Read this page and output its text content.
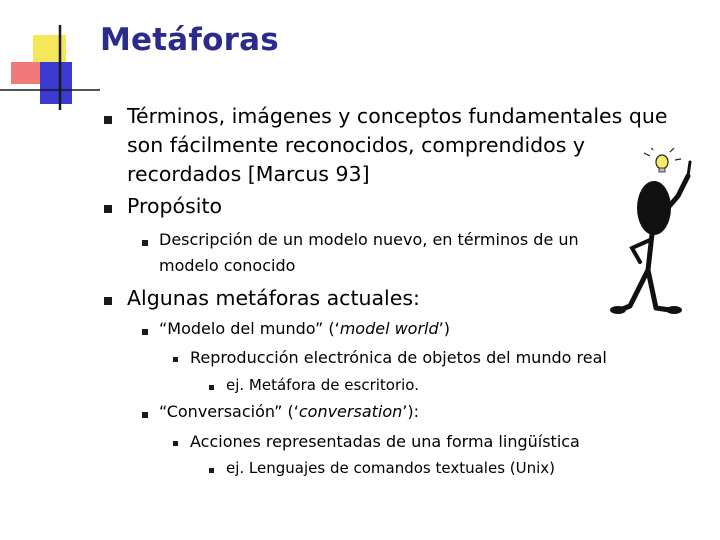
Metáforas
Términos, imágenes y conceptos fundamentales que
son fácilmente reconocidos, comprendidos y
recordados [Marcus 93]
Propósito
Descripción de un modelo nuevo, en términos de un
modelo conocido
Algunas metáforas actuales:
“Modelo del mundo” (‘model world’)
Reproducción electrónica de objetos del mundo real
ej. Metáfora de escritorio.
“Conversación” (‘conversation’):
Acciones representadas de una forma lingüística
ej. Lenguajes de comandos textuales (Unix)
